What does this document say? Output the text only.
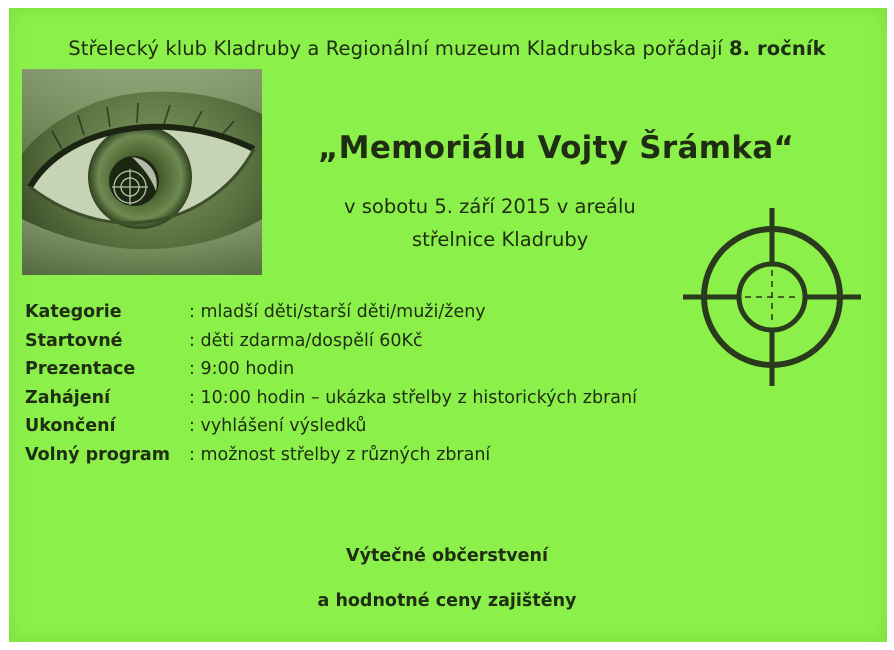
Střelecký klub Kladruby a Regionální muzeum Kladrubska pořádají 8. ročník
„Memoriálu Vojty Šrámka“
v sobotu 5. září 2015 v areálu
střelnice Kladruby
Kategorie	: mladší děti/starší děti/muži/ženy
Startovné	: děti zdarma/dospělí 60Kč
Prezentace	: 9:00 hodin
Zahájení	: 10:00 hodin – ukázka střelby z historických zbraní
Ukončení	: vyhlášení výsledků
Volný program : možnost střelby z různých zbraní
Výtečné občerstvení
a hodnotné ceny zajištěny
